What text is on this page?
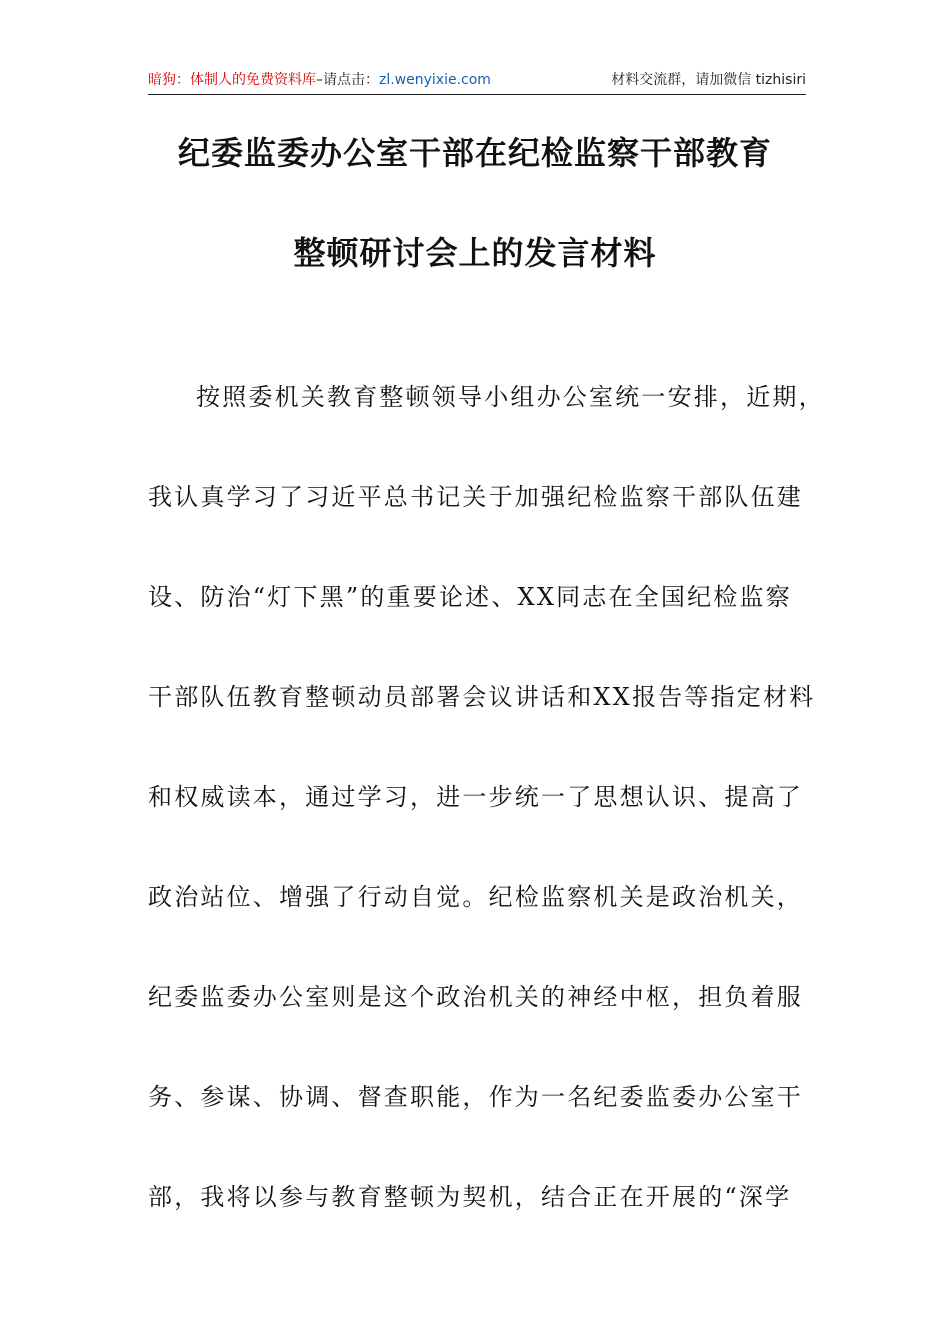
暗狗：体制人的免费资料库–请点击：zl.wenyixie.com	材料交流群，请加微信 tizhisiri
纪委监委办公室干部在纪检监察干部教育
整顿研讨会上的发言材料
按照委机关教育整顿领导小组办公室统一安排，近期，
我认真学习了习近平总书记关于加强纪检监察干部队伍建
设、防治“灯下黑”的重要论述、XX同志在全国纪检监察
干部队伍教育整顿动员部署会议讲话和XX报告等指定材料
和权威读本，通过学习，进一步统一了思想认识、提高了
政治站位、增强了行动自觉。纪检监察机关是政治机关，
纪委监委办公室则是这个政治机关的神经中枢，担负着服
务、参谋、协调、督查职能，作为一名纪委监委办公室干
部，我将以参与教育整顿为契机，结合正在开展的“深学
